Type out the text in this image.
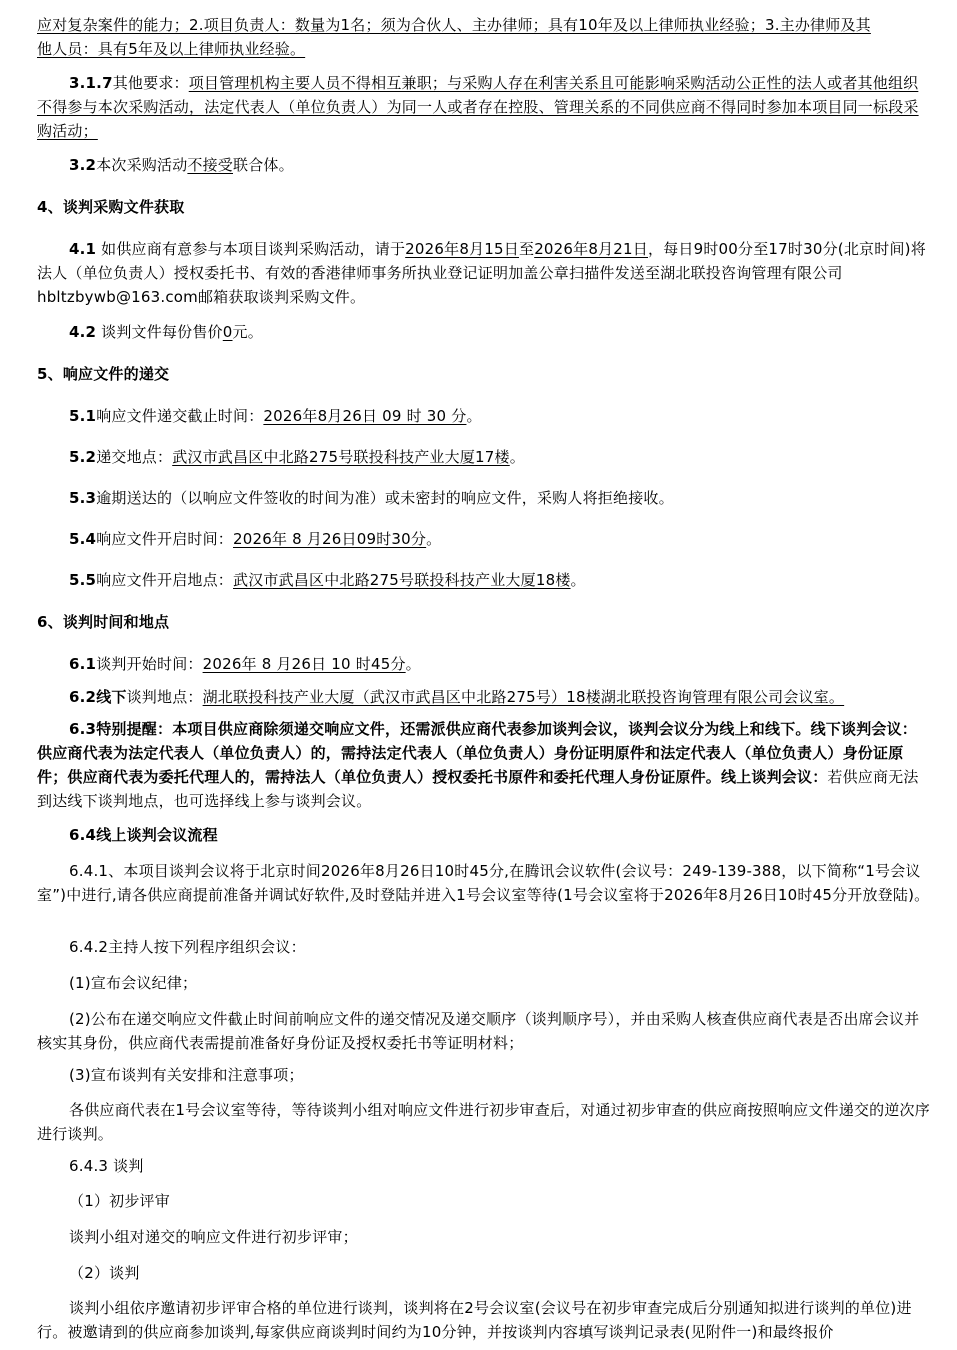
应对复杂案件的能力；2.项目负责人：数量为1名；须为合伙人、主办律师；具有10年及以上律师执业经验；3.主办律师及其
他人员：具有5年及以上律师执业经验。

3.1.7其他要求：项目管理机构主要人员不得相互兼职；与采购人存在利害关系且可能影响采购活动公正性的法人或者其他组织不得参与本次采购活动，法定代表人（单位负责人）为同一人或者存在控股、管理关系的不同供应商不得同时参加本项目同一标段采购活动；

3.2本次采购活动不接受联合体。

4、谈判采购文件获取

4.1 如供应商有意参与本项目谈判采购活动，请于2026年8月15日至2026年8月21日，每日9时00分至17时30分(北京时间)将法人（单位负责人）授权委托书、有效的香港律师事务所执业登记证明加盖公章扫描件发送至湖北联投咨询管理有限公司hbltzbywb@163.com邮箱获取谈判采购文件。

4.2 谈判文件每份售价0元。

5、响应文件的递交

5.1响应文件递交截止时间：2026年8月26日 09 时 30 分。

5.2递交地点：武汉市武昌区中北路275号联投科技产业大厦17楼。

5.3逾期送达的（以响应文件签收的时间为准）或未密封的响应文件，采购人将拒绝接收。

5.4响应文件开启时间：2026年 8 月26日09时30分。

5.5响应文件开启地点：武汉市武昌区中北路275号联投科技产业大厦18楼。

6、谈判时间和地点

6.1谈判开始时间：2026年 8 月26日 10 时45分。

6.2线下谈判地点：湖北联投科技产业大厦（武汉市武昌区中北路275号）18楼湖北联投咨询管理有限公司会议室。

6.3特别提醒：本项目供应商除须递交响应文件，还需派供应商代表参加谈判会议，谈判会议分为线上和线下。线下谈判会议：供应商代表为法定代表人（单位负责人）的，需持法定代表人（单位负责人）身份证明原件和法定代表人（单位负责人）身份证原件；供应商代表为委托代理人的，需持法人（单位负责人）授权委托书原件和委托代理人身份证原件。线上谈判会议：若供应商无法到达线下谈判地点，也可选择线上参与谈判会议。

6.4线上谈判会议流程

6.4.1、本项目谈判会议将于北京时间2026年8月26日10时45分,在腾讯会议软件(会议号：249-139-388，以下简称“1号会议室”)中进行,请各供应商提前准备并调试好软件,及时登陆并进入1号会议室等待(1号会议室将于2026年8月26日10时45分开放登陆)。

6.4.2主持人按下列程序组织会议：

(1)宣布会议纪律；

(2)公布在递交响应文件截止时间前响应文件的递交情况及递交顺序（谈判顺序号），并由采购人核查供应商代表是否出席会议并核实其身份，供应商代表需提前准备好身份证及授权委托书等证明材料；

(3)宣布谈判有关安排和注意事项；

各供应商代表在1号会议室等待，等待谈判小组对响应文件进行初步审查后，对通过初步审查的供应商按照响应文件递交的逆次序进行谈判。

6.4.3 谈判

（1）初步评审

谈判小组对递交的响应文件进行初步评审；

（2）谈判

谈判小组依序邀请初步评审合格的单位进行谈判，谈判将在2号会议室(会议号在初步审查完成后分别通知拟进行谈判的单位)进行。被邀请到的供应商参加谈判,每家供应商谈判时间约为10分钟，并按谈判内容填写谈判记录表(见附件一)和最终报价
